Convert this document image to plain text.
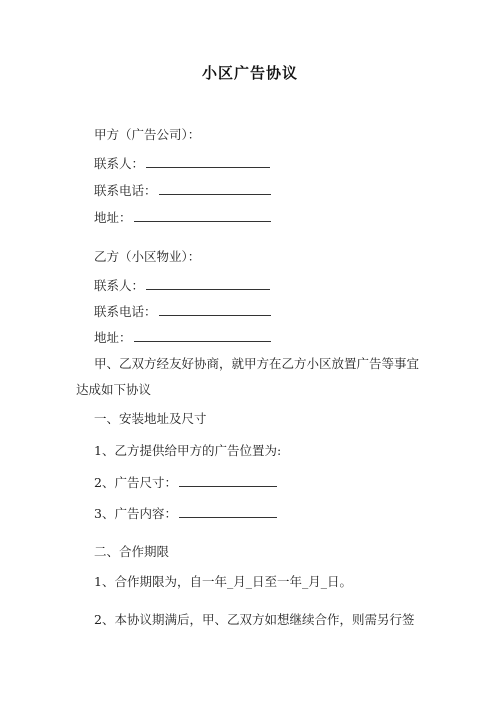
小区广告协议
甲方（广告公司）：
联系人：
联系电话：
地址：
乙方（小区物业）：
联系人：
联系电话：
地址：
甲、乙双方经友好协商，就甲方在乙方小区放置广告等事宜达成如下协议
一、安装地址及尺寸
1、乙方提供给甲方的广告位置为:
2、广告尺寸：
3、广告内容：
二、合作期限
1、合作期限为，自一年_月_日至一年_月_日。
2、本协议期满后，甲、乙双方如想继续合作，则需另行签
